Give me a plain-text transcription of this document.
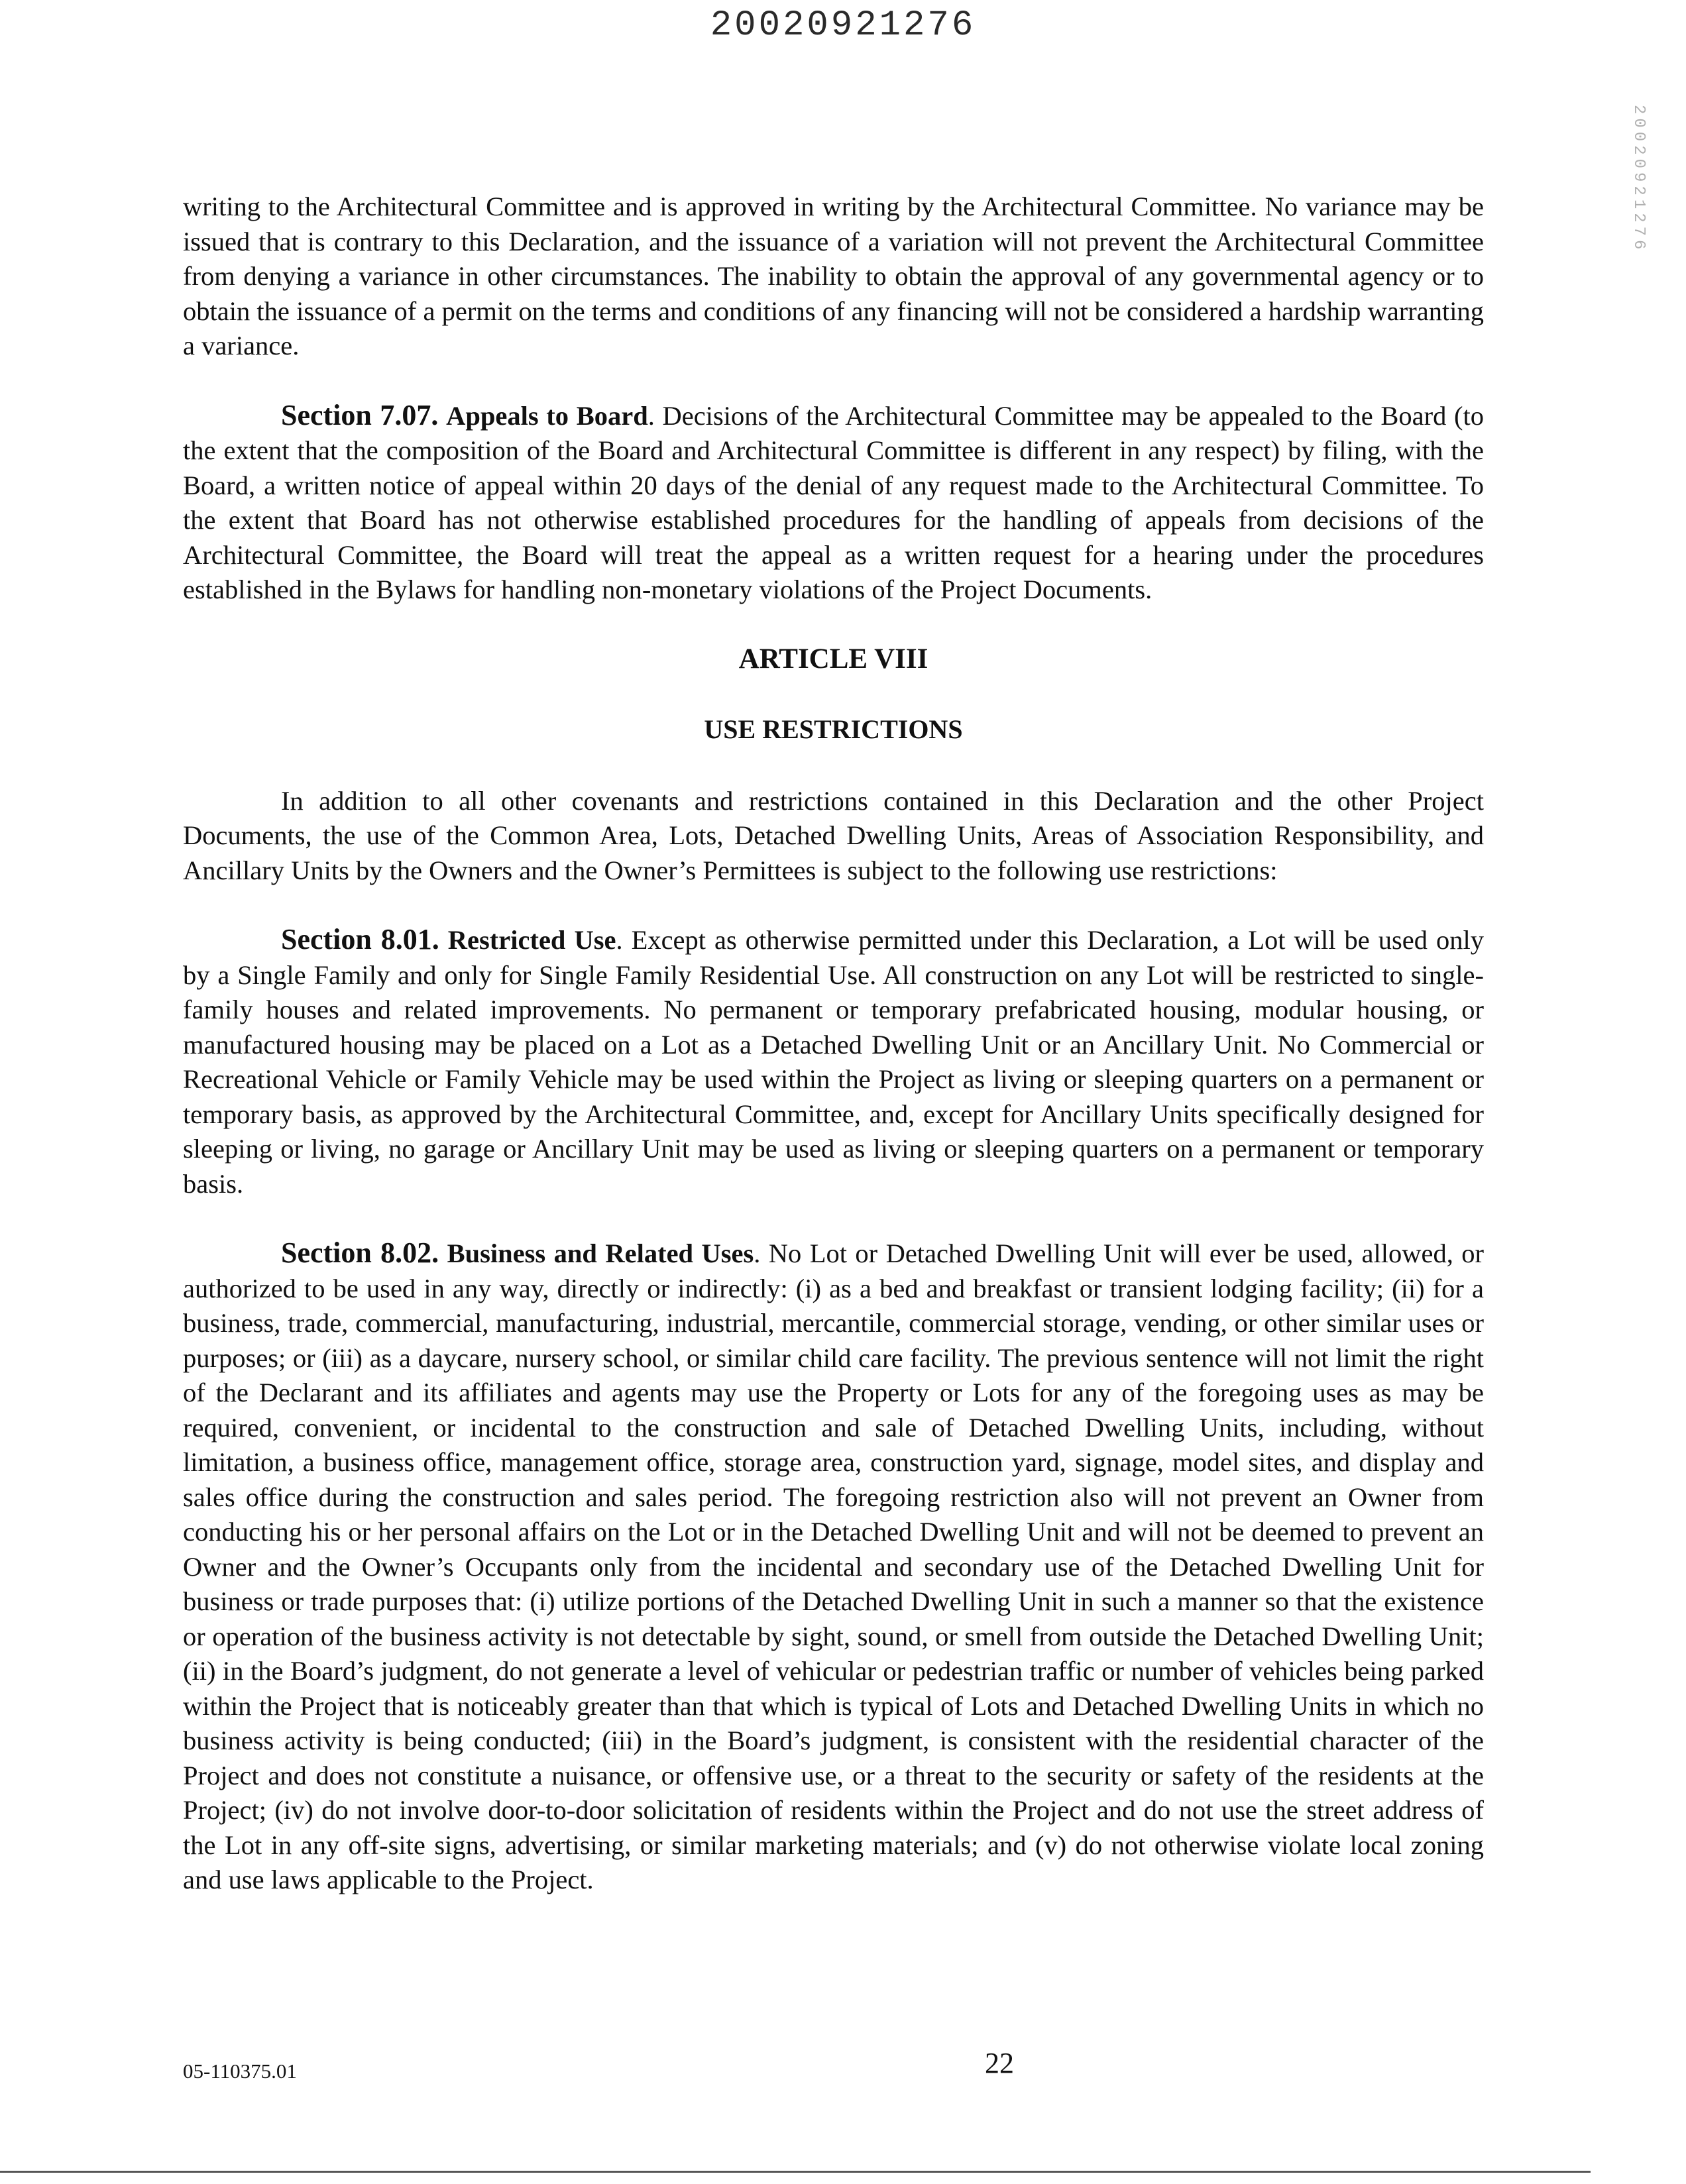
20020921276
20020921276

writing to the Architectural Committee and is approved in writing by the Architectural Committee. No variance may be issued that is contrary to this Declaration, and the issuance of a variation will not prevent the Architectural Committee from denying a variance in other circumstances. The inability to obtain the approval of any governmental agency or to obtain the issuance of a permit on the terms and conditions of any financing will not be considered a hardship warranting a variance.

Section 7.07. Appeals to Board. Decisions of the Architectural Committee may be appealed to the Board (to the extent that the composition of the Board and Architectural Committee is different in any respect) by filing, with the Board, a written notice of appeal within 20 days of the denial of any request made to the Architectural Committee. To the extent that Board has not otherwise established procedures for the handling of appeals from decisions of the Architectural Committee, the Board will treat the appeal as a written request for a hearing under the procedures established in the Bylaws for handling non-monetary violations of the Project Documents.

ARTICLE VIII
USE RESTRICTIONS

In addition to all other covenants and restrictions contained in this Declaration and the other Project Documents, the use of the Common Area, Lots, Detached Dwelling Units, Areas of Association Responsibility, and Ancillary Units by the Owners and the Owner’s Permittees is subject to the following use restrictions:

Section 8.01. Restricted Use. Except as otherwise permitted under this Declaration, a Lot will be used only by a Single Family and only for Single Family Residential Use. All construction on any Lot will be restricted to single-family houses and related improvements. No permanent or temporary prefabricated housing, modular housing, or manufactured housing may be placed on a Lot as a Detached Dwelling Unit or an Ancillary Unit. No Commercial or Recreational Vehicle or Family Vehicle may be used within the Project as living or sleeping quarters on a permanent or temporary basis, as approved by the Architectural Committee, and, except for Ancillary Units specifically designed for sleeping or living, no garage or Ancillary Unit may be used as living or sleeping quarters on a permanent or temporary basis.

Section 8.02. Business and Related Uses. No Lot or Detached Dwelling Unit will ever be used, allowed, or authorized to be used in any way, directly or indirectly: (i) as a bed and breakfast or transient lodging facility; (ii) for a business, trade, commercial, manufacturing, industrial, mercantile, commercial storage, vending, or other similar uses or purposes; or (iii) as a daycare, nursery school, or similar child care facility. The previous sentence will not limit the right of the Declarant and its affiliates and agents may use the Property or Lots for any of the foregoing uses as may be required, convenient, or incidental to the construction and sale of Detached Dwelling Units, including, without limitation, a business office, management office, storage area, construction yard, signage, model sites, and display and sales office during the construction and sales period. The foregoing restriction also will not prevent an Owner from conducting his or her personal affairs on the Lot or in the Detached Dwelling Unit and will not be deemed to prevent an Owner and the Owner’s Occupants only from the incidental and secondary use of the Detached Dwelling Unit for business or trade purposes that: (i) utilize portions of the Detached Dwelling Unit in such a manner so that the existence or operation of the business activity is not detectable by sight, sound, or smell from outside the Detached Dwelling Unit; (ii) in the Board’s judgment, do not generate a level of vehicular or pedestrian traffic or number of vehicles being parked within the Project that is noticeably greater than that which is typical of Lots and Detached Dwelling Units in which no business activity is being conducted; (iii) in the Board’s judgment, is consistent with the residential character of the Project and does not constitute a nuisance, or offensive use, or a threat to the security or safety of the residents at the Project; (iv) do not involve door-to-door solicitation of residents within the Project and do not use the street address of the Lot in any off-site signs, advertising, or similar marketing materials; and (v) do not otherwise violate local zoning and use laws applicable to the Project.

05-110375.01	22
